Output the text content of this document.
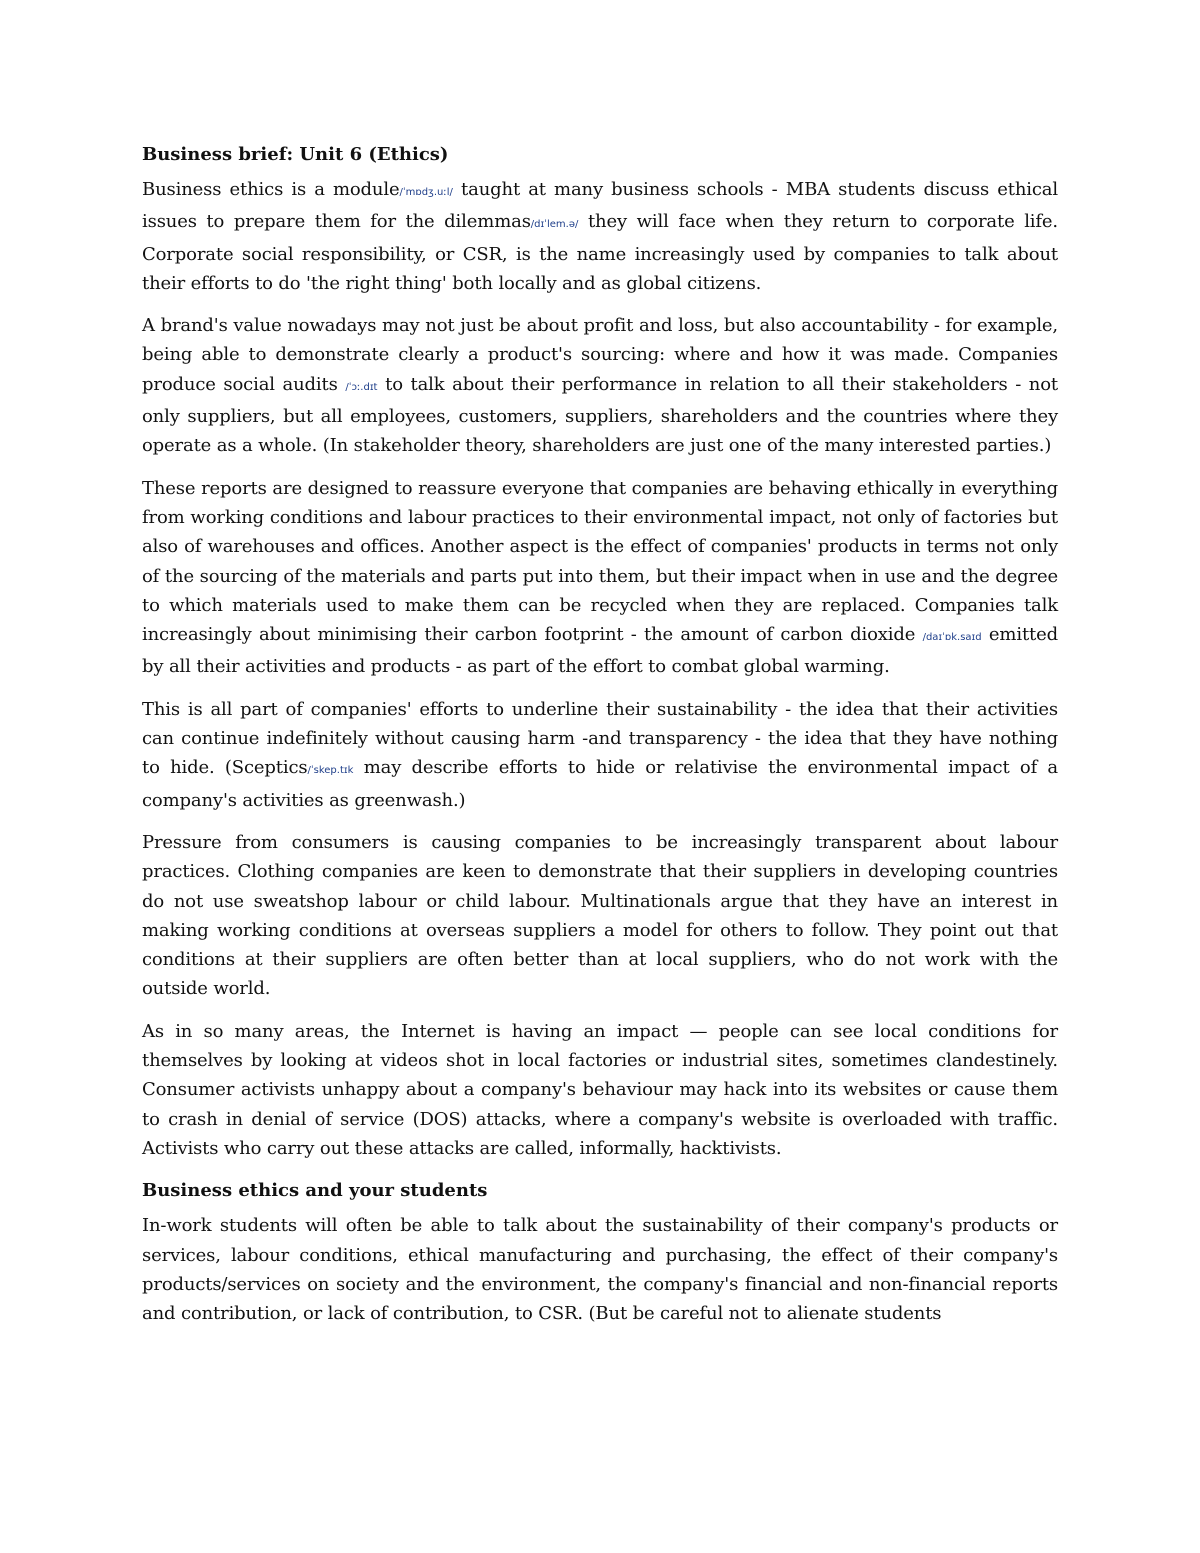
Business brief: Unit 6 (Ethics)

Business ethics is a module/ˈmɒdʒ.uːl/ taught at many business schools - MBA students discuss ethical issues to prepare them for the dilemmas/dɪˈlem.ə/ they will face when they return to corporate life. Corporate social responsibility, or CSR, is the name increasingly used by companies to talk about their efforts to do 'the right thing' both locally and as global citizens.

A brand's value nowadays may not just be about profit and loss, but also accountability - for example, being able to demonstrate clearly a product's sourcing: where and how it was made. Companies produce social audits /ˈɔː.dɪt to talk about their performance in relation to all their stakeholders - not only suppliers, but all employees, customers, suppliers, shareholders and the countries where they operate as a whole. (In stakeholder theory, shareholders are just one of the many interested parties.)

These reports are designed to reassure everyone that companies are behaving ethically in everything from working conditions and labour practices to their environmental impact, not only of factories but also of warehouses and offices. Another aspect is the effect of companies' products in terms not only of the sourcing of the materials and parts put into them, but their impact when in use and the degree to which materials used to make them can be recycled when they are replaced. Companies talk increasingly about minimising their carbon footprint - the amount of carbon dioxide /daɪˈɒk.saɪd emitted by all their activities and products - as part of the effort to combat global warming.

This is all part of companies' efforts to underline their sustainability - the idea that their activities can continue indefinitely without causing harm -and transparency - the idea that they have nothing to hide. (Sceptics/ˈskep.tɪk may describe efforts to hide or relativise the environmental impact of a company's activities as greenwash.)

Pressure from consumers is causing companies to be increasingly transparent about labour practices. Clothing companies are keen to demonstrate that their suppliers in developing countries do not use sweatshop labour or child labour. Multinationals argue that they have an interest in making working conditions at overseas suppliers a model for others to follow. They point out that conditions at their suppliers are often better than at local suppliers, who do not work with the outside world.

As in so many areas, the Internet is having an impact — people can see local conditions for themselves by looking at videos shot in local factories or industrial sites, sometimes clandestinely. Consumer activists unhappy about a company's behaviour may hack into its websites or cause them to crash in denial of service (DOS) attacks, where a company's website is overloaded with traffic. Activists who carry out these attacks are called, informally, hacktivists.

Business ethics and your students

In-work students will often be able to talk about the sustainability of their company's products or services, labour conditions, ethical manufacturing and purchasing, the effect of their company's products/services on society and the environment, the company's financial and non-financial reports and contribution, or lack of contribution, to CSR. (But be careful not to alienate students
